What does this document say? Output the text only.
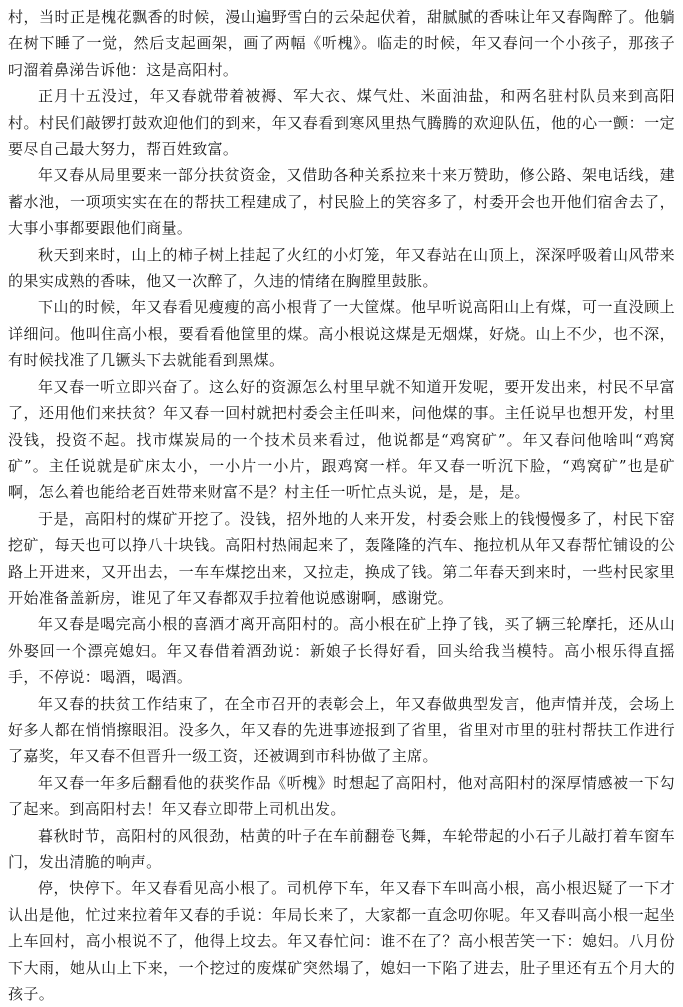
村，当时正是槐花飘香的时候，漫山遍野雪白的云朵起伏着，甜腻腻的香味让年又春陶醉了。他躺在树下睡了一觉，然后支起画架，画了两幅《听槐》。临走的时候，年又春问一个小孩子，那孩子叼溜着鼻涕告诉他：这是高阳村。

正月十五没过，年又春就带着被褥、军大衣、煤气灶、米面油盐，和两名驻村队员来到高阳村。村民们敲锣打鼓欢迎他们的到来，年又春看到寒风里热气腾腾的欢迎队伍，他的心一颤：一定要尽自己最大努力，帮百姓致富。

年又春从局里要来一部分扶贫资金，又借助各种关系拉来十来万赞助，修公路、架电话线，建蓄水池，一项项实实在在的帮扶工程建成了，村民脸上的笑容多了，村委开会也开他们宿舍去了，大事小事都要跟他们商量。

秋天到来时，山上的柿子树上挂起了火红的小灯笼，年又春站在山顶上，深深呼吸着山风带来的果实成熟的香味，他又一次醉了，久违的情绪在胸膛里鼓胀。

下山的时候，年又春看见瘦瘦的高小根背了一大筐煤。他早听说高阳山上有煤，可一直没顾上详细问。他叫住高小根，要看看他筐里的煤。高小根说这煤是无烟煤，好烧。山上不少，也不深，有时候找准了几镢头下去就能看到黑煤。

年又春一听立即兴奋了。这么好的资源怎么村里早就不知道开发呢，要开发出来，村民不早富了，还用他们来扶贫？年又春一回村就把村委会主任叫来，问他煤的事。主任说早也想开发，村里没钱，投资不起。找市煤炭局的一个技术员来看过，他说都是“鸡窝矿”。年又春问他啥叫“鸡窝矿”。主任说就是矿床太小，一小片一小片，跟鸡窝一样。年又春一听沉下脸，“鸡窝矿”也是矿啊，怎么着也能给老百姓带来财富不是？村主任一听忙点头说，是，是，是。

于是，高阳村的煤矿开挖了。没钱，招外地的人来开发，村委会账上的钱慢慢多了，村民下窑挖矿，每天也可以挣八十块钱。高阳村热闹起来了，轰隆隆的汽车、拖拉机从年又春帮忙铺设的公路上开进来，又开出去，一车车煤挖出来，又拉走，换成了钱。第二年春天到来时，一些村民家里开始准备盖新房，谁见了年又春都双手拉着他说感谢啊，感谢党。

年又春是喝完高小根的喜酒才离开高阳村的。高小根在矿上挣了钱，买了辆三轮摩托，还从山外娶回一个漂亮媳妇。年又春借着酒劲说：新娘子长得好看，回头给我当模特。高小根乐得直摇手，不停说：喝酒，喝酒。

年又春的扶贫工作结束了，在全市召开的表彰会上，年又春做典型发言，他声情并茂，会场上好多人都在悄悄擦眼泪。没多久，年又春的先进事迹报到了省里，省里对市里的驻村帮扶工作进行了嘉奖，年又春不但晋升一级工资，还被调到市科协做了主席。

年又春一年多后翻看他的获奖作品《听槐》时想起了高阳村，他对高阳村的深厚情感被一下勾了起来。到高阳村去！年又春立即带上司机出发。

暮秋时节，高阳村的风很劲，枯黄的叶子在车前翻卷飞舞，车轮带起的小石子儿敲打着车窗车门，发出清脆的响声。

停，快停下。年又春看见高小根了。司机停下车，年又春下车叫高小根，高小根迟疑了一下才认出是他，忙过来拉着年又春的手说：年局长来了，大家都一直念叨你呢。年又春叫高小根一起坐上车回村，高小根说不了，他得上坟去。年又春忙问：谁不在了？高小根苦笑一下：媳妇。八月份下大雨，她从山上下来，一个挖过的废煤矿突然塌了，媳妇一下陷了进去，肚子里还有五个月大的孩子。
